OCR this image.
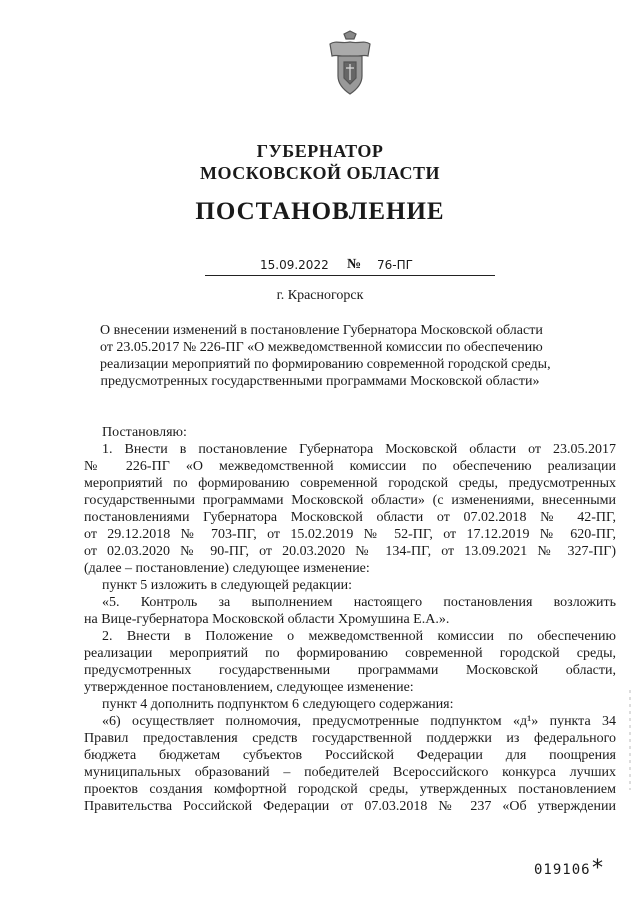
ГУБЕРНАТОР
МОСКОВСКОЙ ОБЛАСТИ
ПОСТАНОВЛЕНИЕ
15.09.2022 № 76-ПГ
г. Красногорск
О внесении изменений в постановление Губернатора Московской области
от 23.05.2017 № 226-ПГ «О межведомственной комиссии по обеспечению
реализации мероприятий по формированию современной городской среды,
предусмотренных государственными программами Московской области»
Постановляю:
1. Внести в постановление Губернатора Московской области от 23.05.2017
№ 226-ПГ «О межведомственной комиссии по обеспечению реализации
мероприятий по формированию современной городской среды, предусмотренных
государственными программами Московской области» (с изменениями, внесенными
постановлениями Губернатора Московской области от 07.02.2018 № 42-ПГ,
от 29.12.2018 № 703-ПГ, от 15.02.2019 № 52-ПГ, от 17.12.2019 № 620-ПГ,
от 02.03.2020 № 90-ПГ, от 20.03.2020 № 134-ПГ, от 13.09.2021 № 327-ПГ)
(далее – постановление) следующее изменение:
пункт 5 изложить в следующей редакции:
«5. Контроль за выполнением настоящего постановления возложить
на Вице-губернатора Московской области Хромушина Е.А.».
2. Внести в Положение о межведомственной комиссии по обеспечению
реализации мероприятий по формированию современной городской среды,
предусмотренных государственными программами Московской области,
утвержденное постановлением, следующее изменение:
пункт 4 дополнить подпунктом 6 следующего содержания:
«6) осуществляет полномочия, предусмотренные подпунктом «д¹» пункта 34
Правил предоставления средств государственной поддержки из федерального
бюджета бюджетам субъектов Российской Федерации для поощрения
муниципальных образований – победителей Всероссийского конкурса лучших
проектов создания комфортной городской среды, утвержденных постановлением
Правительства Российской Федерации от 07.03.2018 № 237 «Об утверждении
019106 *
